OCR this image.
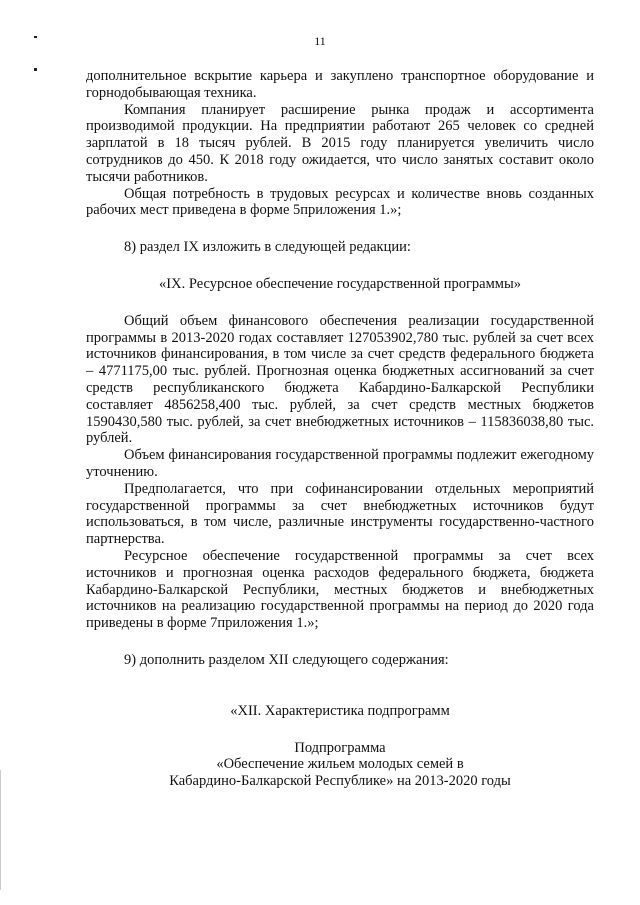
11

дополнительное вскрытие карьера и закуплено транспортное оборудование и горнодобывающая техника.

Компания планирует расширение рынка продаж и ассортимента производимой продукции. На предприятии работают 265 человек со средней зарплатой в 18 тысяч рублей. В 2015 году планируется увеличить число сотрудников до 450. К 2018 году ожидается, что число занятых составит около тысячи работников.

Общая потребность в трудовых ресурсах и количестве вновь созданных рабочих мест приведена в форме 5приложения 1.»;

8) раздел IX изложить в следующей редакции:

«IX. Ресурсное обеспечение государственной программы»

Общий объем финансового обеспечения реализации государственной программы в 2013-2020 годах составляет 127053902,780 тыс. рублей за счет всех источников финансирования, в том числе за счет средств федерального бюджета – 4771175,00 тыс. рублей. Прогнозная оценка бюджетных ассигнований за счет средств республиканского бюджета Кабардино-Балкарской Республики составляет 4856258,400 тыс. рублей, за счет средств местных бюджетов 1590430,580 тыс. рублей, за счет внебюджетных источников – 115836038,80 тыс. рублей.

Объем финансирования государственной программы подлежит ежегодному уточнению.

Предполагается, что при софинансировании отдельных мероприятий государственной программы за счет внебюджетных источников будут использоваться, в том числе, различные инструменты государственно-частного партнерства.

Ресурсное обеспечение государственной программы за счет всех источников и прогнозная оценка расходов федерального бюджета, бюджета Кабардино-Балкарской Республики, местных бюджетов и внебюджетных источников на реализацию государственной программы на период до 2020 года приведены в форме 7приложения 1.»;

9) дополнить разделом XII следующего содержания:

«XII. Характеристика подпрограмм

Подпрограмма

«Обеспечение жильем молодых семей в

Кабардино-Балкарской Республике» на 2013-2020 годы
